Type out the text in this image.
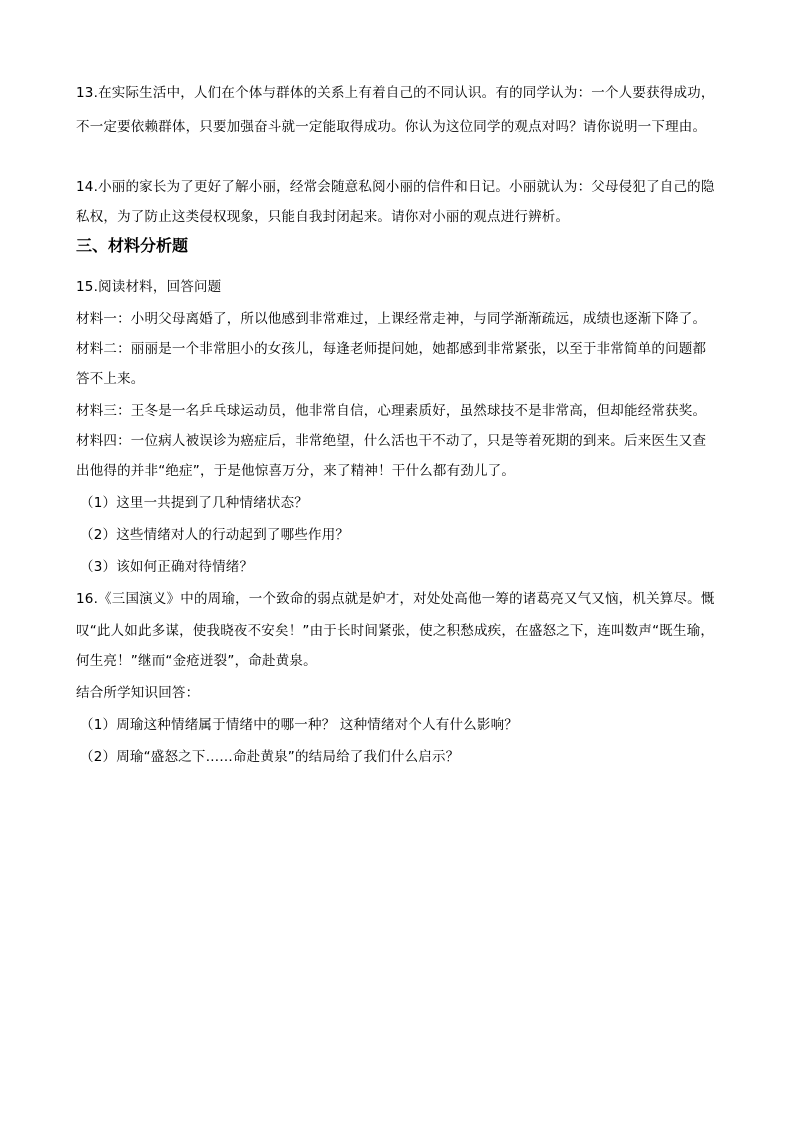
13.在实际生活中，人们在个体与群体的关系上有着自己的不同认识。有的同学认为：一个人要获得成功，
不一定要依赖群体，只要加强奋斗就一定能取得成功。你认为这位同学的观点对吗？请你说明一下理由。
14.小丽的家长为了更好了解小丽，经常会随意私阅小丽的信件和日记。小丽就认为：父母侵犯了自己的隐
私权，为了防止这类侵权现象，只能自我封闭起来。请你对小丽的观点进行辨析。
三、材料分析题
15.阅读材料，回答问题
材料一：小明父母离婚了，所以他感到非常难过，上课经常走神，与同学渐渐疏远，成绩也逐渐下降了。
材料二：丽丽是一个非常胆小的女孩儿，每逢老师提问她，她都感到非常紧张，以至于非常简单的问题都
答不上来。
材料三：王冬是一名乒乓球运动员，他非常自信，心理素质好，虽然球技不是非常高，但却能经常获奖。
材料四：一位病人被误诊为癌症后，非常绝望，什么活也干不动了，只是等着死期的到来。后来医生又查
出他得的并非“绝症”，于是他惊喜万分，来了精神！干什么都有劲儿了。
（1）这里一共提到了几种情绪状态？
（2）这些情绪对人的行动起到了哪些作用？
（3）该如何正确对待情绪？
16.《三国演义》中的周瑜，一个致命的弱点就是妒才，对处处高他一筹的诸葛亮又气又恼，机关算尽。慨
叹“此人如此多谋，使我晓夜不安矣！”由于长时间紧张，使之积愁成疾，在盛怒之下，连叫数声“既生瑜，
何生亮！”继而“金疮迸裂”，命赴黄泉。
结合所学知识回答：
（1）周瑜这种情绪属于情绪中的哪一种？ 这种情绪对个人有什么影响？
（2）周瑜“盛怒之下……命赴黄泉”的结局给了我们什么启示？
